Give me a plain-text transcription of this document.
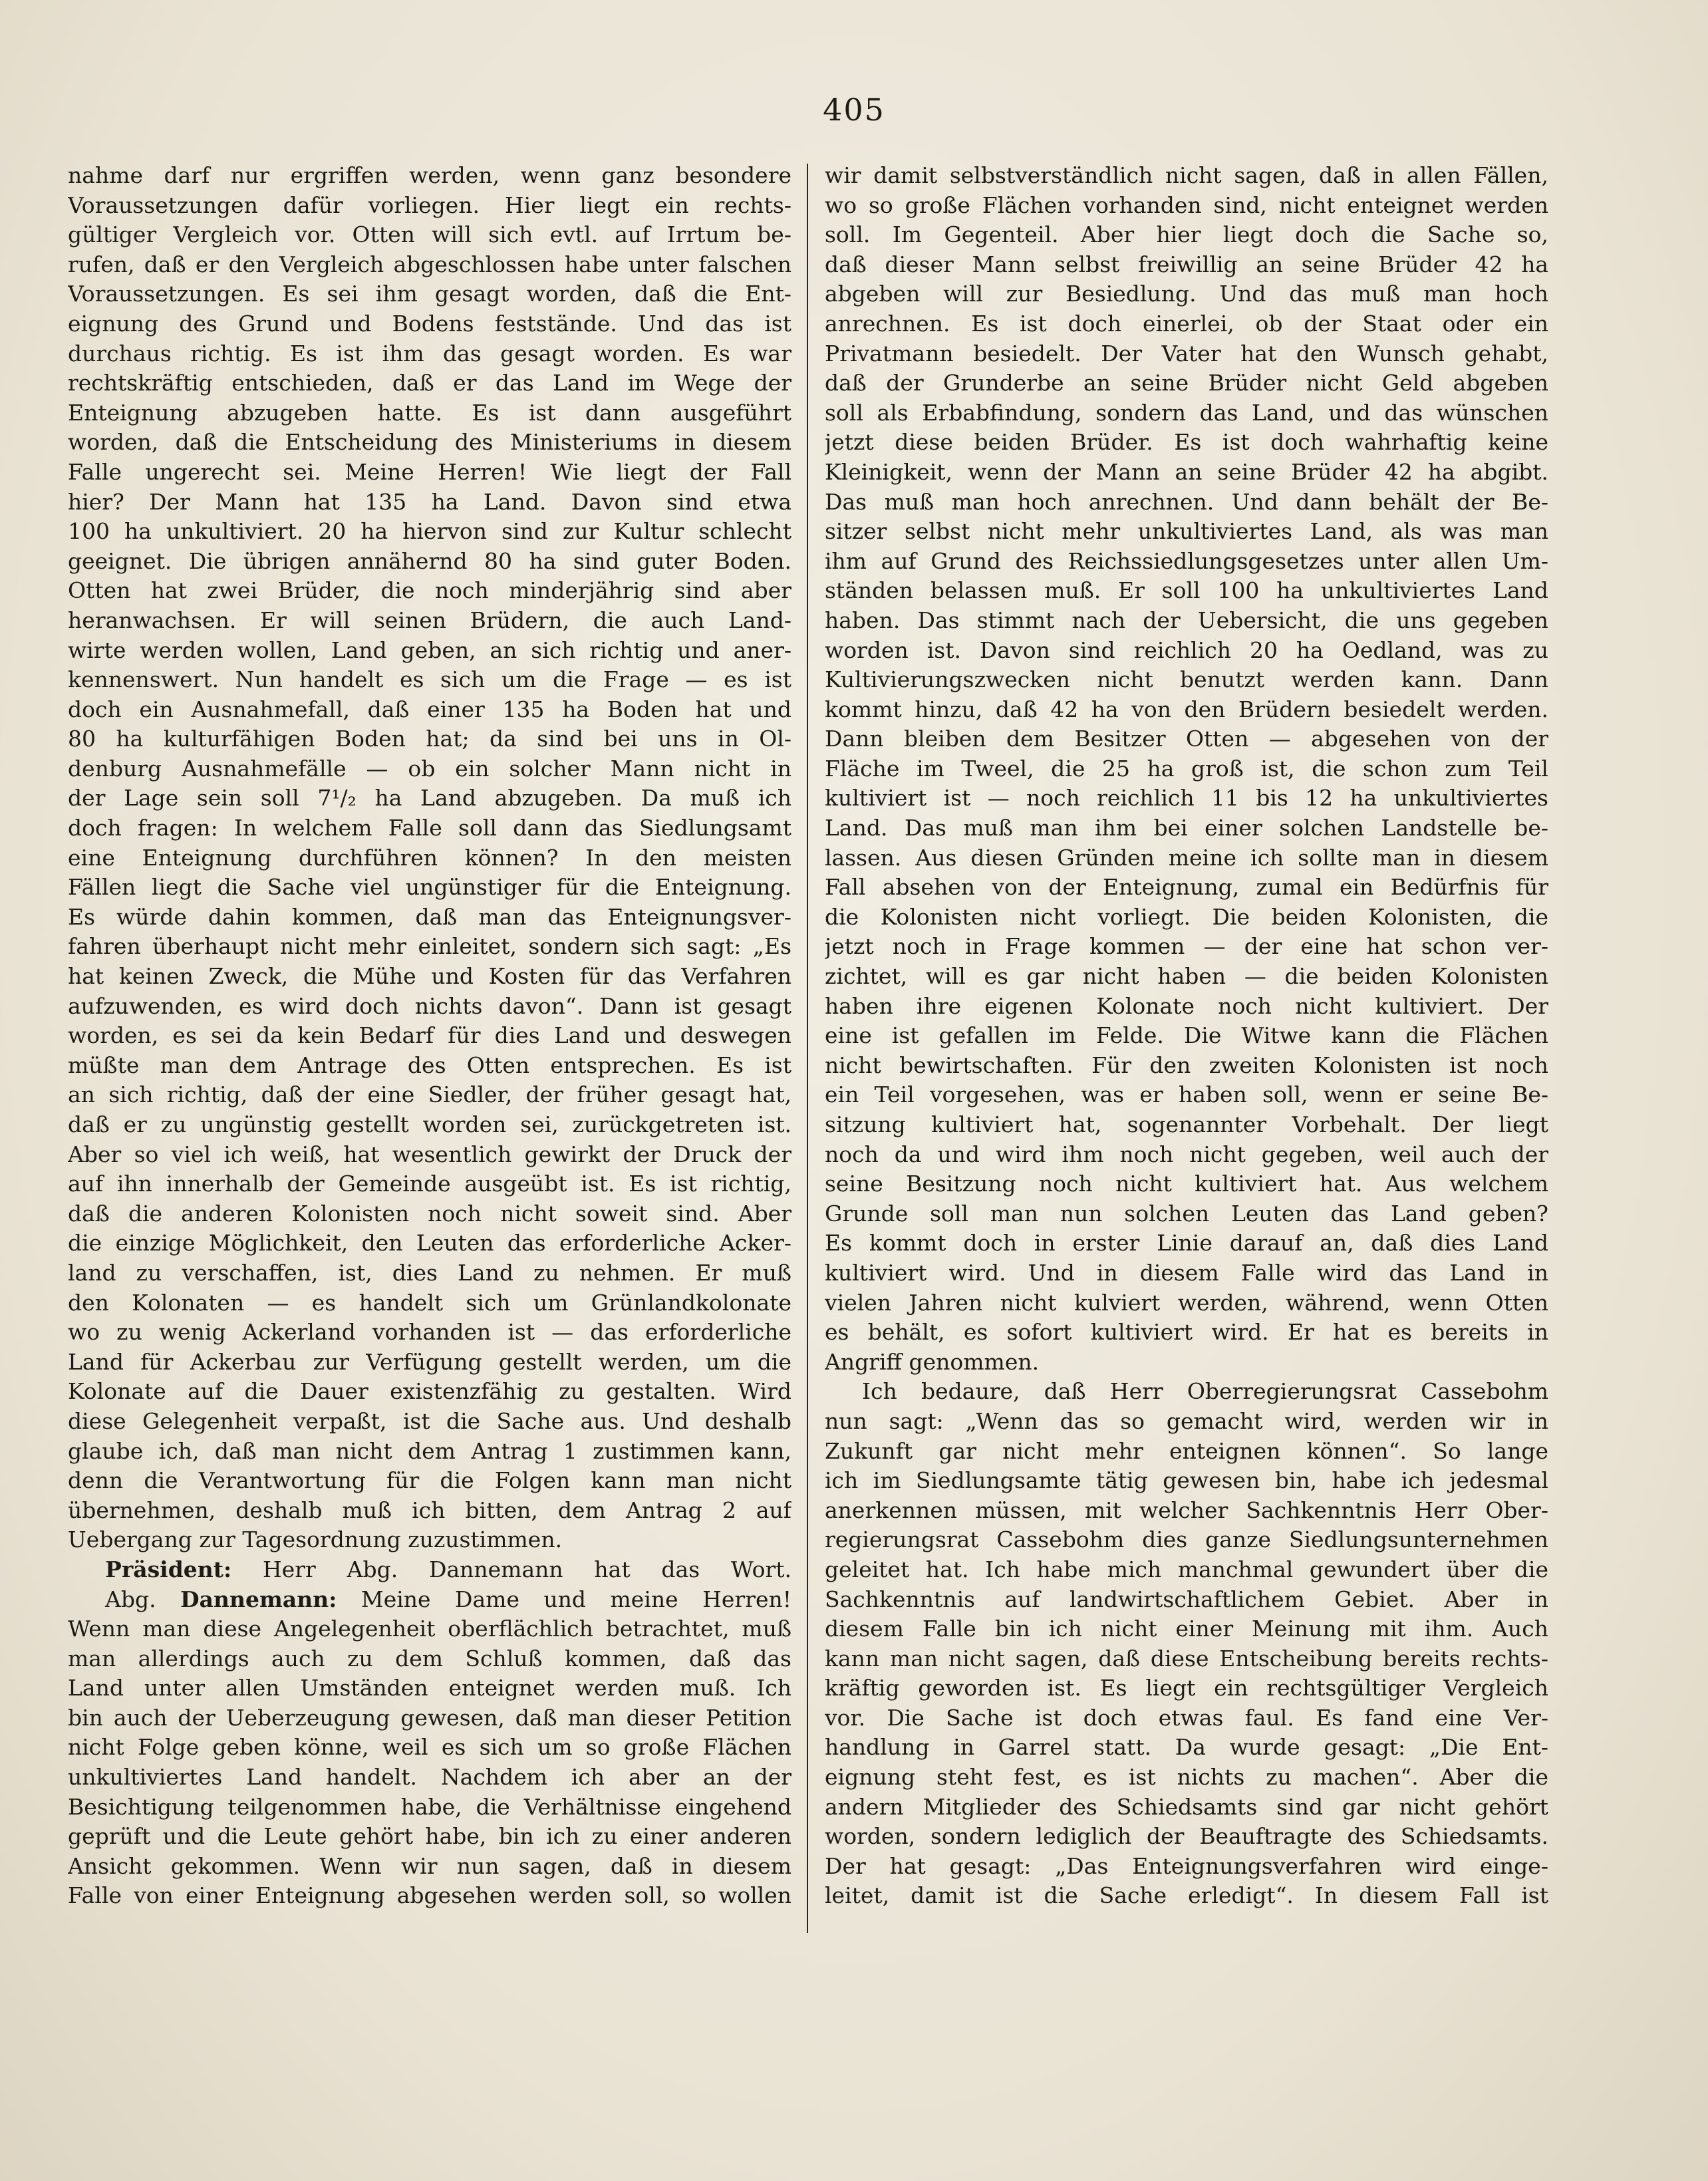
405
nahme darf nur ergriffen werden, wenn ganz besondere
Voraussetzungen dafür vorliegen. Hier liegt ein rechts-
gültiger Vergleich vor. Otten will sich evtl. auf Irrtum be-
rufen, daß er den Vergleich abgeschlossen habe unter falschen
Voraussetzungen. Es sei ihm gesagt worden, daß die Ent-
eignung des Grund und Bodens feststände. Und das ist
durchaus richtig. Es ist ihm das gesagt worden. Es war
rechtskräftig entschieden, daß er das Land im Wege der
Enteignung abzugeben hatte. Es ist dann ausgeführt
worden, daß die Entscheidung des Ministeriums in diesem
Falle ungerecht sei. Meine Herren! Wie liegt der Fall
hier? Der Mann hat 135 ha Land. Davon sind etwa
100 ha unkultiviert. 20 ha hiervon sind zur Kultur schlecht
geeignet. Die übrigen annähernd 80 ha sind guter Boden.
Otten hat zwei Brüder, die noch minderjährig sind aber
heranwachsen. Er will seinen Brüdern, die auch Land-
wirte werden wollen, Land geben, an sich richtig und aner-
kennenswert. Nun handelt es sich um die Frage — es ist
doch ein Ausnahmefall, daß einer 135 ha Boden hat und
80 ha kulturfähigen Boden hat; da sind bei uns in Ol-
denburg Ausnahmefälle — ob ein solcher Mann nicht in
der Lage sein soll 7¹/₂ ha Land abzugeben. Da muß ich
doch fragen: In welchem Falle soll dann das Siedlungsamt
eine Enteignung durchführen können? In den meisten
Fällen liegt die Sache viel ungünstiger für die Enteignung.
Es würde dahin kommen, daß man das Enteignungsver-
fahren überhaupt nicht mehr einleitet, sondern sich sagt: „Es
hat keinen Zweck, die Mühe und Kosten für das Verfahren
aufzuwenden, es wird doch nichts davon“. Dann ist gesagt
worden, es sei da kein Bedarf für dies Land und deswegen
müßte man dem Antrage des Otten entsprechen. Es ist
an sich richtig, daß der eine Siedler, der früher gesagt hat,
daß er zu ungünstig gestellt worden sei, zurückgetreten ist.
Aber so viel ich weiß, hat wesentlich gewirkt der Druck der
auf ihn innerhalb der Gemeinde ausgeübt ist. Es ist richtig,
daß die anderen Kolonisten noch nicht soweit sind. Aber
die einzige Möglichkeit, den Leuten das erforderliche Acker-
land zu verschaffen, ist, dies Land zu nehmen. Er muß
den Kolonaten — es handelt sich um Grünlandkolonate
wo zu wenig Ackerland vorhanden ist — das erforderliche
Land für Ackerbau zur Verfügung gestellt werden, um die
Kolonate auf die Dauer existenzfähig zu gestalten. Wird
diese Gelegenheit verpaßt, ist die Sache aus. Und deshalb
glaube ich, daß man nicht dem Antrag 1 zustimmen kann,
denn die Verantwortung für die Folgen kann man nicht
übernehmen, deshalb muß ich bitten, dem Antrag 2 auf
Uebergang zur Tagesordnung zuzustimmen.
Präsident: Herr Abg. Dannemann hat das Wort.
Abg. Dannemann: Meine Dame und meine Herren!
Wenn man diese Angelegenheit oberflächlich betrachtet, muß
man allerdings auch zu dem Schluß kommen, daß das
Land unter allen Umständen enteignet werden muß. Ich
bin auch der Ueberzeugung gewesen, daß man dieser Petition
nicht Folge geben könne, weil es sich um so große Flächen
unkultiviertes Land handelt. Nachdem ich aber an der
Besichtigung teilgenommen habe, die Verhältnisse eingehend
geprüft und die Leute gehört habe, bin ich zu einer anderen
Ansicht gekommen. Wenn wir nun sagen, daß in diesem
Falle von einer Enteignung abgesehen werden soll, so wollen
wir damit selbstverständlich nicht sagen, daß in allen Fällen,
wo so große Flächen vorhanden sind, nicht enteignet werden
soll. Im Gegenteil. Aber hier liegt doch die Sache so,
daß dieser Mann selbst freiwillig an seine Brüder 42 ha
abgeben will zur Besiedlung. Und das muß man hoch
anrechnen. Es ist doch einerlei, ob der Staat oder ein
Privatmann besiedelt. Der Vater hat den Wunsch gehabt,
daß der Grunderbe an seine Brüder nicht Geld abgeben
soll als Erbabfindung, sondern das Land, und das wünschen
jetzt diese beiden Brüder. Es ist doch wahrhaftig keine
Kleinigkeit, wenn der Mann an seine Brüder 42 ha abgibt.
Das muß man hoch anrechnen. Und dann behält der Be-
sitzer selbst nicht mehr unkultiviertes Land, als was man
ihm auf Grund des Reichssiedlungsgesetzes unter allen Um-
ständen belassen muß. Er soll 100 ha unkultiviertes Land
haben. Das stimmt nach der Uebersicht, die uns gegeben
worden ist. Davon sind reichlich 20 ha Oedland, was zu
Kultivierungszwecken nicht benutzt werden kann. Dann
kommt hinzu, daß 42 ha von den Brüdern besiedelt werden.
Dann bleiben dem Besitzer Otten — abgesehen von der
Fläche im Tweel, die 25 ha groß ist, die schon zum Teil
kultiviert ist — noch reichlich 11 bis 12 ha unkultiviertes
Land. Das muß man ihm bei einer solchen Landstelle be-
lassen. Aus diesen Gründen meine ich sollte man in diesem
Fall absehen von der Enteignung, zumal ein Bedürfnis für
die Kolonisten nicht vorliegt. Die beiden Kolonisten, die
jetzt noch in Frage kommen — der eine hat schon ver-
zichtet, will es gar nicht haben — die beiden Kolonisten
haben ihre eigenen Kolonate noch nicht kultiviert. Der
eine ist gefallen im Felde. Die Witwe kann die Flächen
nicht bewirtschaften. Für den zweiten Kolonisten ist noch
ein Teil vorgesehen, was er haben soll, wenn er seine Be-
sitzung kultiviert hat, sogenannter Vorbehalt. Der liegt
noch da und wird ihm noch nicht gegeben, weil auch der
seine Besitzung noch nicht kultiviert hat. Aus welchem
Grunde soll man nun solchen Leuten das Land geben?
Es kommt doch in erster Linie darauf an, daß dies Land
kultiviert wird. Und in diesem Falle wird das Land in
vielen Jahren nicht kulviert werden, während, wenn Otten
es behält, es sofort kultiviert wird. Er hat es bereits in
Angriff genommen.
Ich bedaure, daß Herr Oberregierungsrat Cassebohm
nun sagt: „Wenn das so gemacht wird, werden wir in
Zukunft gar nicht mehr enteignen können“. So lange
ich im Siedlungsamte tätig gewesen bin, habe ich jedesmal
anerkennen müssen, mit welcher Sachkenntnis Herr Ober-
regierungsrat Cassebohm dies ganze Siedlungsunternehmen
geleitet hat. Ich habe mich manchmal gewundert über die
Sachkenntnis auf landwirtschaftlichem Gebiet. Aber in
diesem Falle bin ich nicht einer Meinung mit ihm. Auch
kann man nicht sagen, daß diese Entscheibung bereits rechts-
kräftig geworden ist. Es liegt ein rechtsgültiger Vergleich
vor. Die Sache ist doch etwas faul. Es fand eine Ver-
handlung in Garrel statt. Da wurde gesagt: „Die Ent-
eignung steht fest, es ist nichts zu machen“. Aber die
andern Mitglieder des Schiedsamts sind gar nicht gehört
worden, sondern lediglich der Beauftragte des Schiedsamts.
Der hat gesagt: „Das Enteignungsverfahren wird einge-
leitet, damit ist die Sache erledigt“. In diesem Fall ist
